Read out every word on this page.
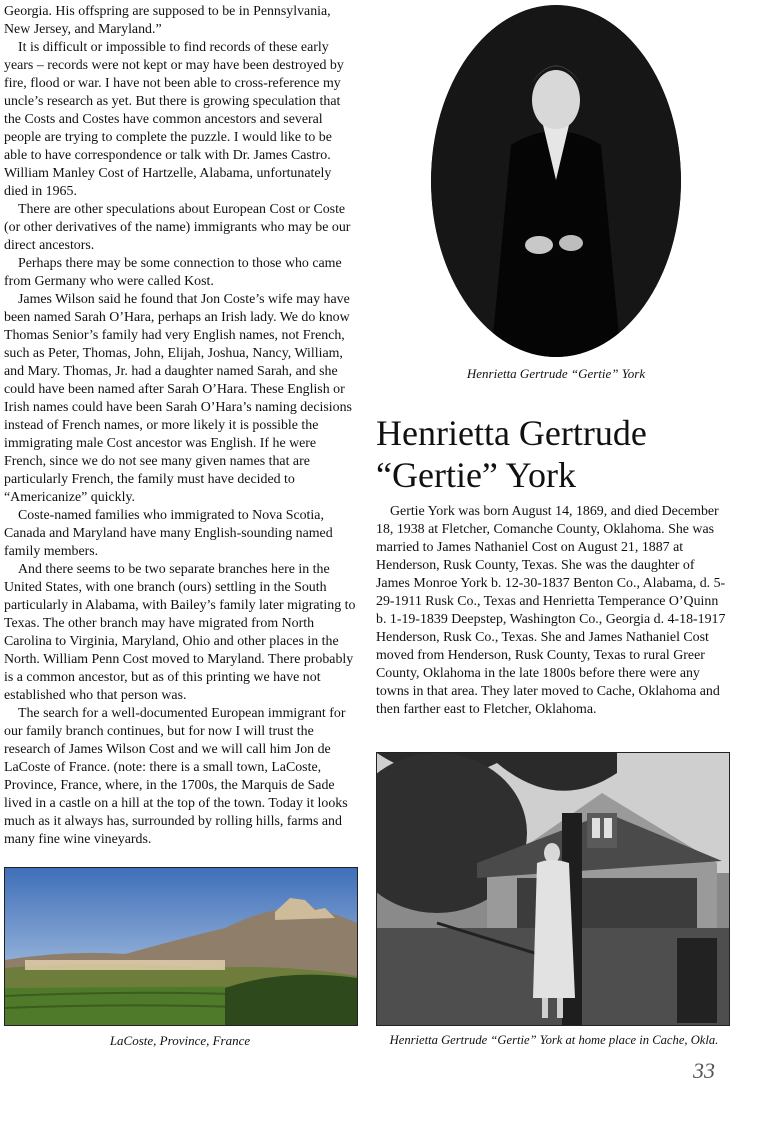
Georgia. His offspring are supposed to be in Pennsylvania, New Jersey, and Maryland.”

It is difficult or impossible to find records of these early years – records were not kept or may have been destroyed by fire, flood or war. I have not been able to cross-reference my uncle’s research as yet. But there is growing speculation that the Costs and Costes have common ancestors and several people are trying to complete the puzzle. I would like to be able to have correspondence or talk with Dr. James Castro. William Manley Cost of Hartzelle, Alabama, unfortunately died in 1965.

There are other speculations about European Cost or Coste (or other derivatives of the name) immigrants who may be our direct ancestors.

Perhaps there may be some connection to those who came from Germany who were called Kost.

James Wilson said he found that Jon Coste’s wife may have been named Sarah O’Hara, perhaps an Irish lady. We do know Thomas Senior’s family had very English names, not French, such as Peter, Thomas, John, Elijah, Joshua, Nancy, William, and Mary. Thomas, Jr. had a daughter named Sarah, and she could have been named after Sarah O’Hara. These English or Irish names could have been Sarah O’Hara’s naming decisions instead of French names, or more likely it is possible the immigrating male Cost ancestor was English. If he were French, since we do not see many given names that are particularly French, the family must have decided to “Americanize” quickly.

Coste-named families who immigrated to Nova Scotia, Canada and Maryland have many English-sounding named family members.

And there seems to be two separate branches here in the United States, with one branch (ours) settling in the South particularly in Alabama, with Bailey’s family later migrating to Texas. The other branch may have migrated from North Carolina to Virginia, Maryland, Ohio and other places in the North. William Penn Cost moved to Maryland. There probably is a common ancestor, but as of this printing we have not established who that person was.

The search for a well-documented European immigrant for our family branch continues, but for now I will trust the research of James Wilson Cost and we will call him Jon de LaCoste of France. (note: there is a small town, LaCoste, Province, France, where, in the 1700s, the Marquis de Sade lived in a castle on a hill at the top of the town. Today it looks much as it always has, surrounded by rolling hills, farms and many fine wine vineyards.

Henrietta Gertrude “Gertie” York
Henrietta Gertrude
“Gertie” York

Gertie York was born August 14, 1869, and died December 18, 1938 at Fletcher, Comanche County, Oklahoma. She was married to James Nathaniel Cost on August 21, 1887 at Henderson, Rusk County, Texas. She was the daughter of James Monroe York b. 12-30-1837 Benton Co., Alabama, d. 5-29-1911 Rusk Co., Texas and Henrietta Temperance O’Quinn b. 1-19-1839 Deepstep, Washington Co., Georgia d. 4-18-1917 Henderson, Rusk Co., Texas. She and James Nathaniel Cost moved from Henderson, Rusk County, Texas to rural Greer County, Oklahoma in the late 1800s before there were any towns in that area. They later moved to Cache, Oklahoma and then farther east to Fletcher, Oklahoma.

Henrietta Gertrude “Gertie” York at home place in Cache, Okla.
LaCoste, Province, France
33
